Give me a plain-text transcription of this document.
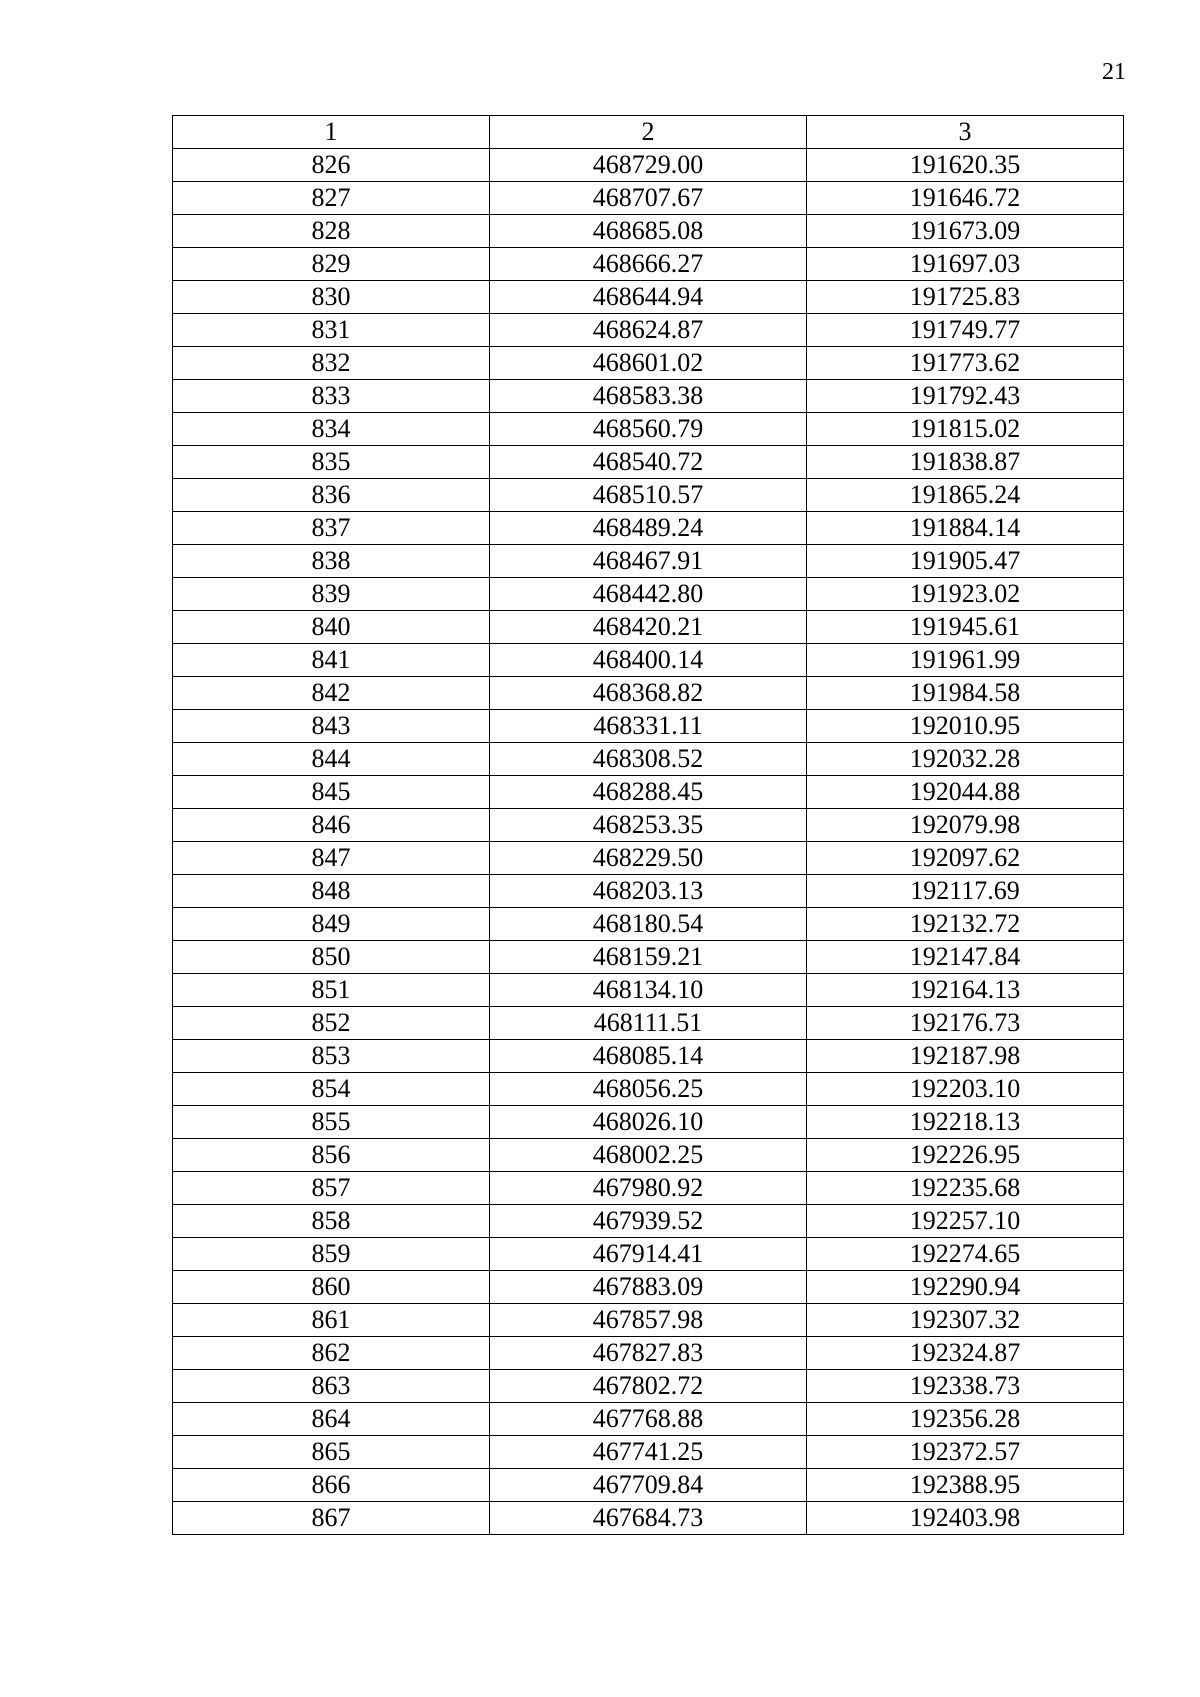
21
1	2	3
826	468729.00	191620.35
827	468707.67	191646.72
828	468685.08	191673.09
829	468666.27	191697.03
830	468644.94	191725.83
831	468624.87	191749.77
832	468601.02	191773.62
833	468583.38	191792.43
834	468560.79	191815.02
835	468540.72	191838.87
836	468510.57	191865.24
837	468489.24	191884.14
838	468467.91	191905.47
839	468442.80	191923.02
840	468420.21	191945.61
841	468400.14	191961.99
842	468368.82	191984.58
843	468331.11	192010.95
844	468308.52	192032.28
845	468288.45	192044.88
846	468253.35	192079.98
847	468229.50	192097.62
848	468203.13	192117.69
849	468180.54	192132.72
850	468159.21	192147.84
851	468134.10	192164.13
852	468111.51	192176.73
853	468085.14	192187.98
854	468056.25	192203.10
855	468026.10	192218.13
856	468002.25	192226.95
857	467980.92	192235.68
858	467939.52	192257.10
859	467914.41	192274.65
860	467883.09	192290.94
861	467857.98	192307.32
862	467827.83	192324.87
863	467802.72	192338.73
864	467768.88	192356.28
865	467741.25	192372.57
866	467709.84	192388.95
867	467684.73	192403.98
